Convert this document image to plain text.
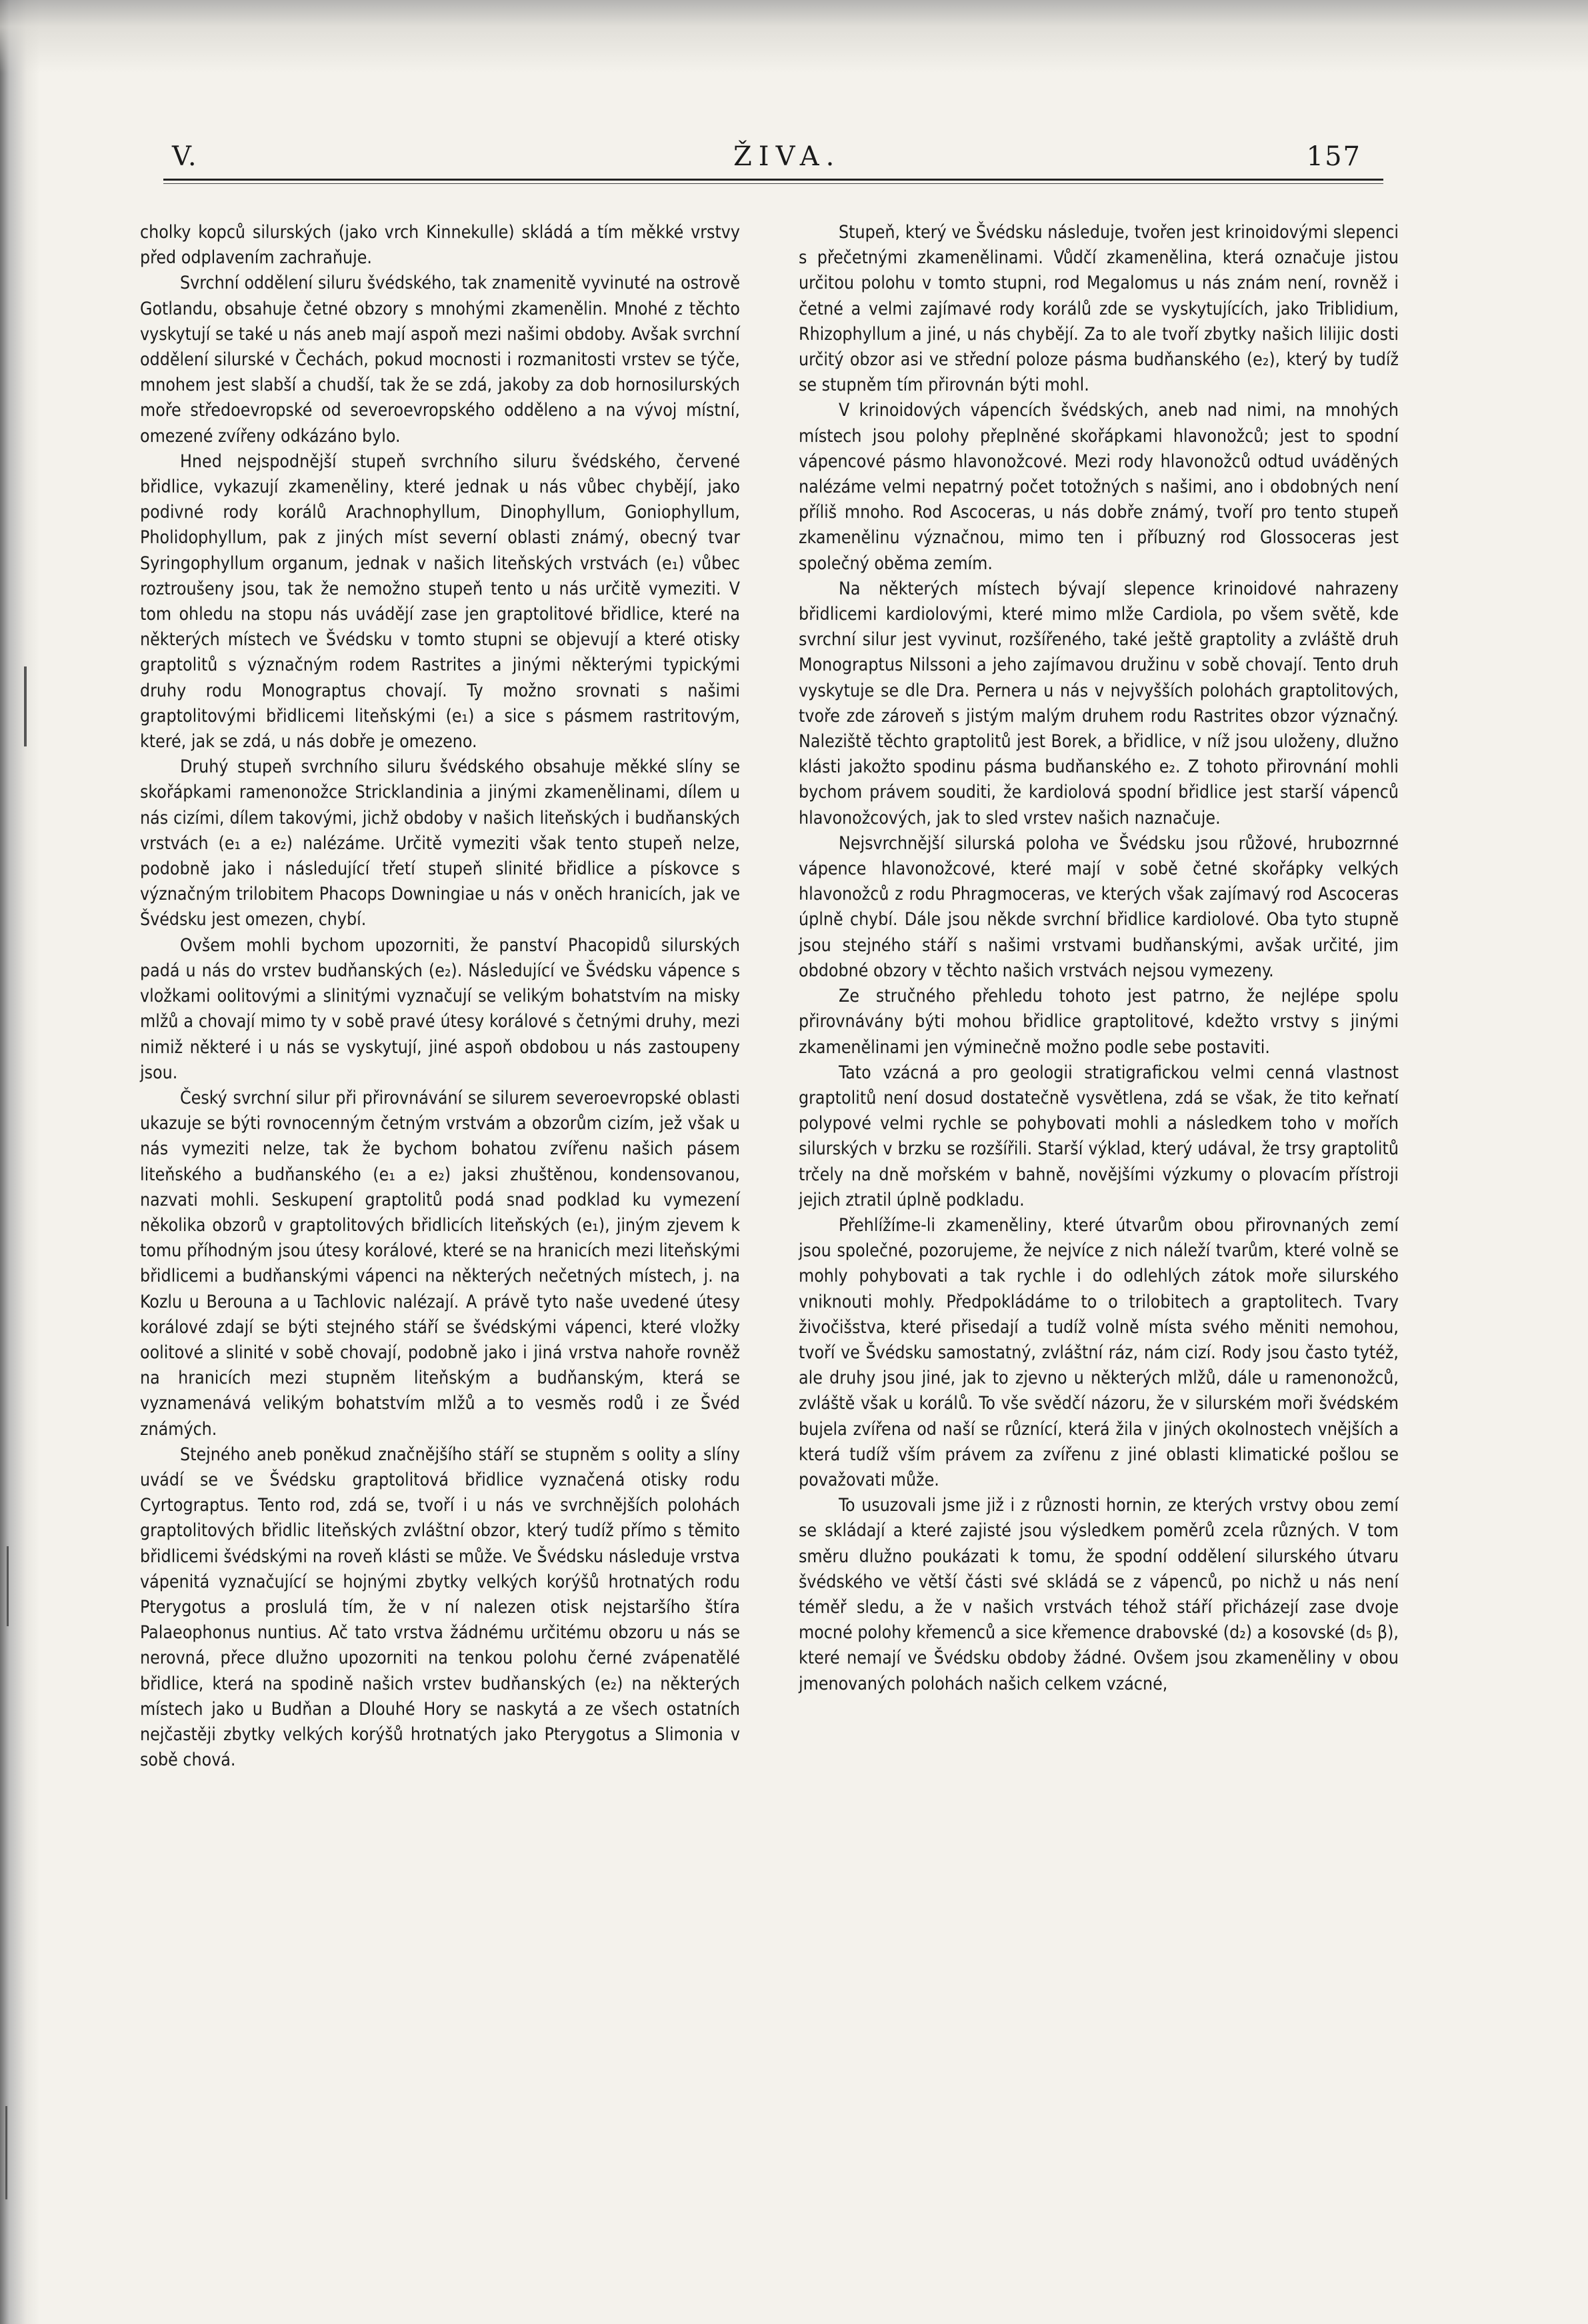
V.	ŽIVA.	157

cholky kopců silurských (jako vrch Kinnekulle) skládá a tím měkké vrstvy před odplavením zachraňuje.

Svrchní oddělení siluru švédského, tak znamenitě vyvinuté na ostrově Gotlandu, obsahuje četné obzory s mnohými zkamenělin. Mnohé z těchto vyskytují se také u nás aneb mají aspoň mezi našimi obdoby. Avšak svrchní oddělení silurské v Čechách, pokud mocnosti i rozmanitosti vrstev se týče, mnohem jest slabší a chudší, tak že se zdá, jakoby za dob hornosilurských moře středoevropské od severoevropského odděleno a na vývoj místní, omezené zvířeny odkázáno bylo.

Hned nejspodnější stupeň svrchního siluru švédského, červené břidlice, vykazují zkameněliny, které jednak u nás vůbec chybějí, jako podivné rody korálů Arachnophyllum, Dinophyllum, Goniophyllum, Pholidophyllum, pak z jiných míst severní oblasti známý, obecný tvar Syringophyllum organum, jednak v našich liteňských vrstvách (e₁) vůbec roztroušeny jsou, tak že nemožno stupeň tento u nás určitě vymeziti. V tom ohledu na stopu nás uvádějí zase jen graptolitové břidlice, které na některých místech ve Švédsku v tomto stupni se objevují a které otisky graptolitů s význačným rodem Rastrites a jinými některými typickými druhy rodu Monograptus chovají. Ty možno srovnati s našimi graptolitovými břidlicemi liteňskými (e₁) a sice s pásmem rastritovým, které, jak se zdá, u nás dobře je omezeno.

Druhý stupeň svrchního siluru švédského obsahuje měkké slíny se skořápkami ramenonožce Stricklandinia a jinými zkamenělinami, dílem u nás cizími, dílem takovými, jichž obdoby v našich liteňských i budňanských vrstvách (e₁ a e₂) nalézáme. Určitě vymeziti však tento stupeň nelze, podobně jako i následující třetí stupeň slinité břidlice a pískovce s význačným trilobitem Phacops Downingiae u nás v oněch hranicích, jak ve Švédsku jest omezen, chybí.

Ovšem mohli bychom upozorniti, že panství Phacopidů silurských padá u nás do vrstev budňanských (e₂). Následující ve Švédsku vápence s vložkami oolitovými a slinitými vyznačují se velikým bohatstvím na misky mlžů a chovají mimo ty v sobě pravé útesy korálové s četnými druhy, mezi nimiž některé i u nás se vyskytují, jiné aspoň obdobou u nás zastoupeny jsou.

Český svrchní silur při přirovnávání se silurem severoevropské oblasti ukazuje se býti rovnocenným četným vrstvám a obzorům cizím, jež však u nás vymeziti nelze, tak že bychom bohatou zvířenu našich pásem liteňského a budňanského (e₁ a e₂) jaksi zhuštěnou, kondensovanou, nazvati mohli. Seskupení graptolitů podá snad podklad ku vymezení několika obzorů v graptolitových břidlicích liteňských (e₁), jiným zjevem k tomu příhodným jsou útesy korálové, které se na hranicích mezi liteňskými břidlicemi a budňanskými vápenci na některých nečetných místech, j. na Kozlu u Berouna a u Tachlovic nalézají. A právě tyto naše uvedené útesy korálové zdají se býti stejného stáří se švédskými vápenci, které vložky oolitové a slinité v sobě chovají, podobně jako i jiná vrstva nahoře rovněž na hranicích mezi stupněm liteňským a budňanským, která se vyznamenává velikým bohatstvím mlžů a to vesměs rodů i ze Švéd známých.

Stejného aneb poněkud značnějšího stáří se stupněm s oolity a slíny uvádí se ve Švédsku graptolitová břidlice vyznačená otisky rodu Cyrtograptus. Tento rod, zdá se, tvoří i u nás ve svrchnějších polohách graptolitových břidlic liteňských zvláštní obzor, který tudíž přímo s těmito břidlicemi švédskými na roveň klásti se může. Ve Švédsku následuje vrstva vápenitá vyznačující se hojnými zbytky velkých korýšů hrotnatých rodu Pterygotus a proslulá tím, že v ní nalezen otisk nejstaršího štíra Palaeophonus nuntius. Ač tato vrstva žádnému určitému obzoru u nás se nerovná, přece dlužno upozorniti na tenkou polohu černé zvápenatělé břidlice, která na spodině našich vrstev budňanských (e₂) na některých místech jako u Budňan a Dlouhé Hory se naskytá a ze všech ostatních nejčastěji zbytky velkých korýšů hrotnatých jako Pterygotus a Slimonia v sobě chová.

Stupeň, který ve Švédsku následuje, tvořen jest krinoidovými slepenci s přečetnými zkamenělinami. Vůdčí zkamenělina, která označuje jistou určitou polohu v tomto stupni, rod Megalomus u nás znám není, rovněž i četné a velmi zajímavé rody korálů zde se vyskytujících, jako Triblidium, Rhizophyllum a jiné, u nás chybějí. Za to ale tvoří zbytky našich lilijic dosti určitý obzor asi ve střední poloze pásma budňanského (e₂), který by tudíž se stupněm tím přirovnán býti mohl.

V krinoidových vápencích švédských, aneb nad nimi, na mnohých místech jsou polohy přeplněné skořápkami hlavonožců; jest to spodní vápencové pásmo hlavonožcové. Mezi rody hlavonožců odtud uváděných nalézáme velmi nepatrný počet totožných s našimi, ano i obdobných není příliš mnoho. Rod Ascoceras, u nás dobře známý, tvoří pro tento stupeň zkamenělinu význačnou, mimo ten i příbuzný rod Glossoceras jest společný oběma zemím.

Na některých místech bývají slepence krinoidové nahrazeny břidlicemi kardiolovými, které mimo mlže Cardiola, po všem světě, kde svrchní silur jest vyvinut, rozšířeného, také ještě graptolity a zvláště druh Monograptus Nilssoni a jeho zajímavou družinu v sobě chovají. Tento druh vyskytuje se dle Dra. Pernera u nás v nejvyšších polohách graptolitových, tvoře zde zároveň s jistým malým druhem rodu Rastrites obzor význačný. Naleziště těchto graptolitů jest Borek, a břidlice, v níž jsou uloženy, dlužno klásti jakožto spodinu pásma budňanského e₂. Z tohoto přirovnání mohli bychom právem souditi, že kardiolová spodní břidlice jest starší vápenců hlavonožcových, jak to sled vrstev našich naznačuje.

Nejsvrchnější silurská poloha ve Švédsku jsou růžové, hrubozrnné vápence hlavonožcové, které mají v sobě četné skořápky velkých hlavonožců z rodu Phragmoceras, ve kterých však zajímavý rod Ascoceras úplně chybí. Dále jsou někde svrchní břidlice kardiolové. Oba tyto stupně jsou stejného stáří s našimi vrstvami budňanskými, avšak určité, jim obdobné obzory v těchto našich vrstvách nejsou vymezeny.

Ze stručného přehledu tohoto jest patrno, že nejlépe spolu přirovnávány býti mohou břidlice graptolitové, kdežto vrstvy s jinými zkamenělinami jen výminečně možno podle sebe postaviti.

Tato vzácná a pro geologii stratigrafickou velmi cenná vlastnost graptolitů není dosud dostatečně vysvětlena, zdá se však, že tito keřnatí polypové velmi rychle se pohybovati mohli a následkem toho v mořích silurských v brzku se rozšířili. Starší výklad, který udával, že trsy graptolitů trčely na dně mořském v bahně, novějšími výzkumy o plovacím přístroji jejich ztratil úplně podkladu.

Přehlížíme-li zkameněliny, které útvarům obou přirovnaných zemí jsou společné, pozorujeme, že nejvíce z nich náleží tvarům, které volně se mohly pohybovati a tak rychle i do odlehlých zátok moře silurského vniknouti mohly. Předpokládáme to o trilobitech a graptolitech. Tvary živočišstva, které přisedají a tudíž volně místa svého měniti nemohou, tvoří ve Švédsku samostatný, zvláštní ráz, nám cizí. Rody jsou často tytéž, ale druhy jsou jiné, jak to zjevno u některých mlžů, dále u ramenonožců, zvláště však u korálů. To vše svědčí názoru, že v silurském moři švédském bujela zvířena od naší se různící, která žila v jiných okolnostech vnějších a která tudíž vším právem za zvířenu z jiné oblasti klimatické pošlou se považovati může.

To usuzovali jsme již i z různosti hornin, ze kterých vrstvy obou zemí se skládají a které zajisté jsou výsledkem poměrů zcela různých. V tom směru dlužno poukázati k tomu, že spodní oddělení silurského útvaru švédského ve větší části své skládá se z vápenců, po nichž u nás není téměř sledu, a že v našich vrstvách téhož stáří přicházejí zase dvoje mocné polohy křemenců a sice křemence drabovské (d₂) a kosovské (d₅ β), které nemají ve Švédsku obdoby žádné. Ovšem jsou zkameněliny v obou jmenovaných polohách našich celkem vzácné,
